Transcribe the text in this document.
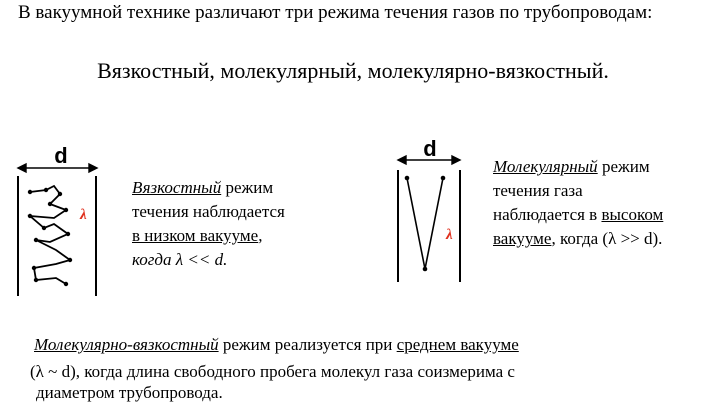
В вакуумной технике различают три режима течения газов по трубопроводам:
Вязкостный, молекулярный, молекулярно-вязкостный.
d
λ
Вязкостный режим
течения наблюдается
в низком вакууме,
когда λ << d.
d
λ
Молекулярный режим
течения газа
наблюдается в высоком
вакууме, когда (λ >> d).
Молекулярно-вязкостный режим реализуется при среднем вакууме
(λ ~ d), когда длина свободного пробега молекул газа соизмерима с
диаметром трубопровода.
